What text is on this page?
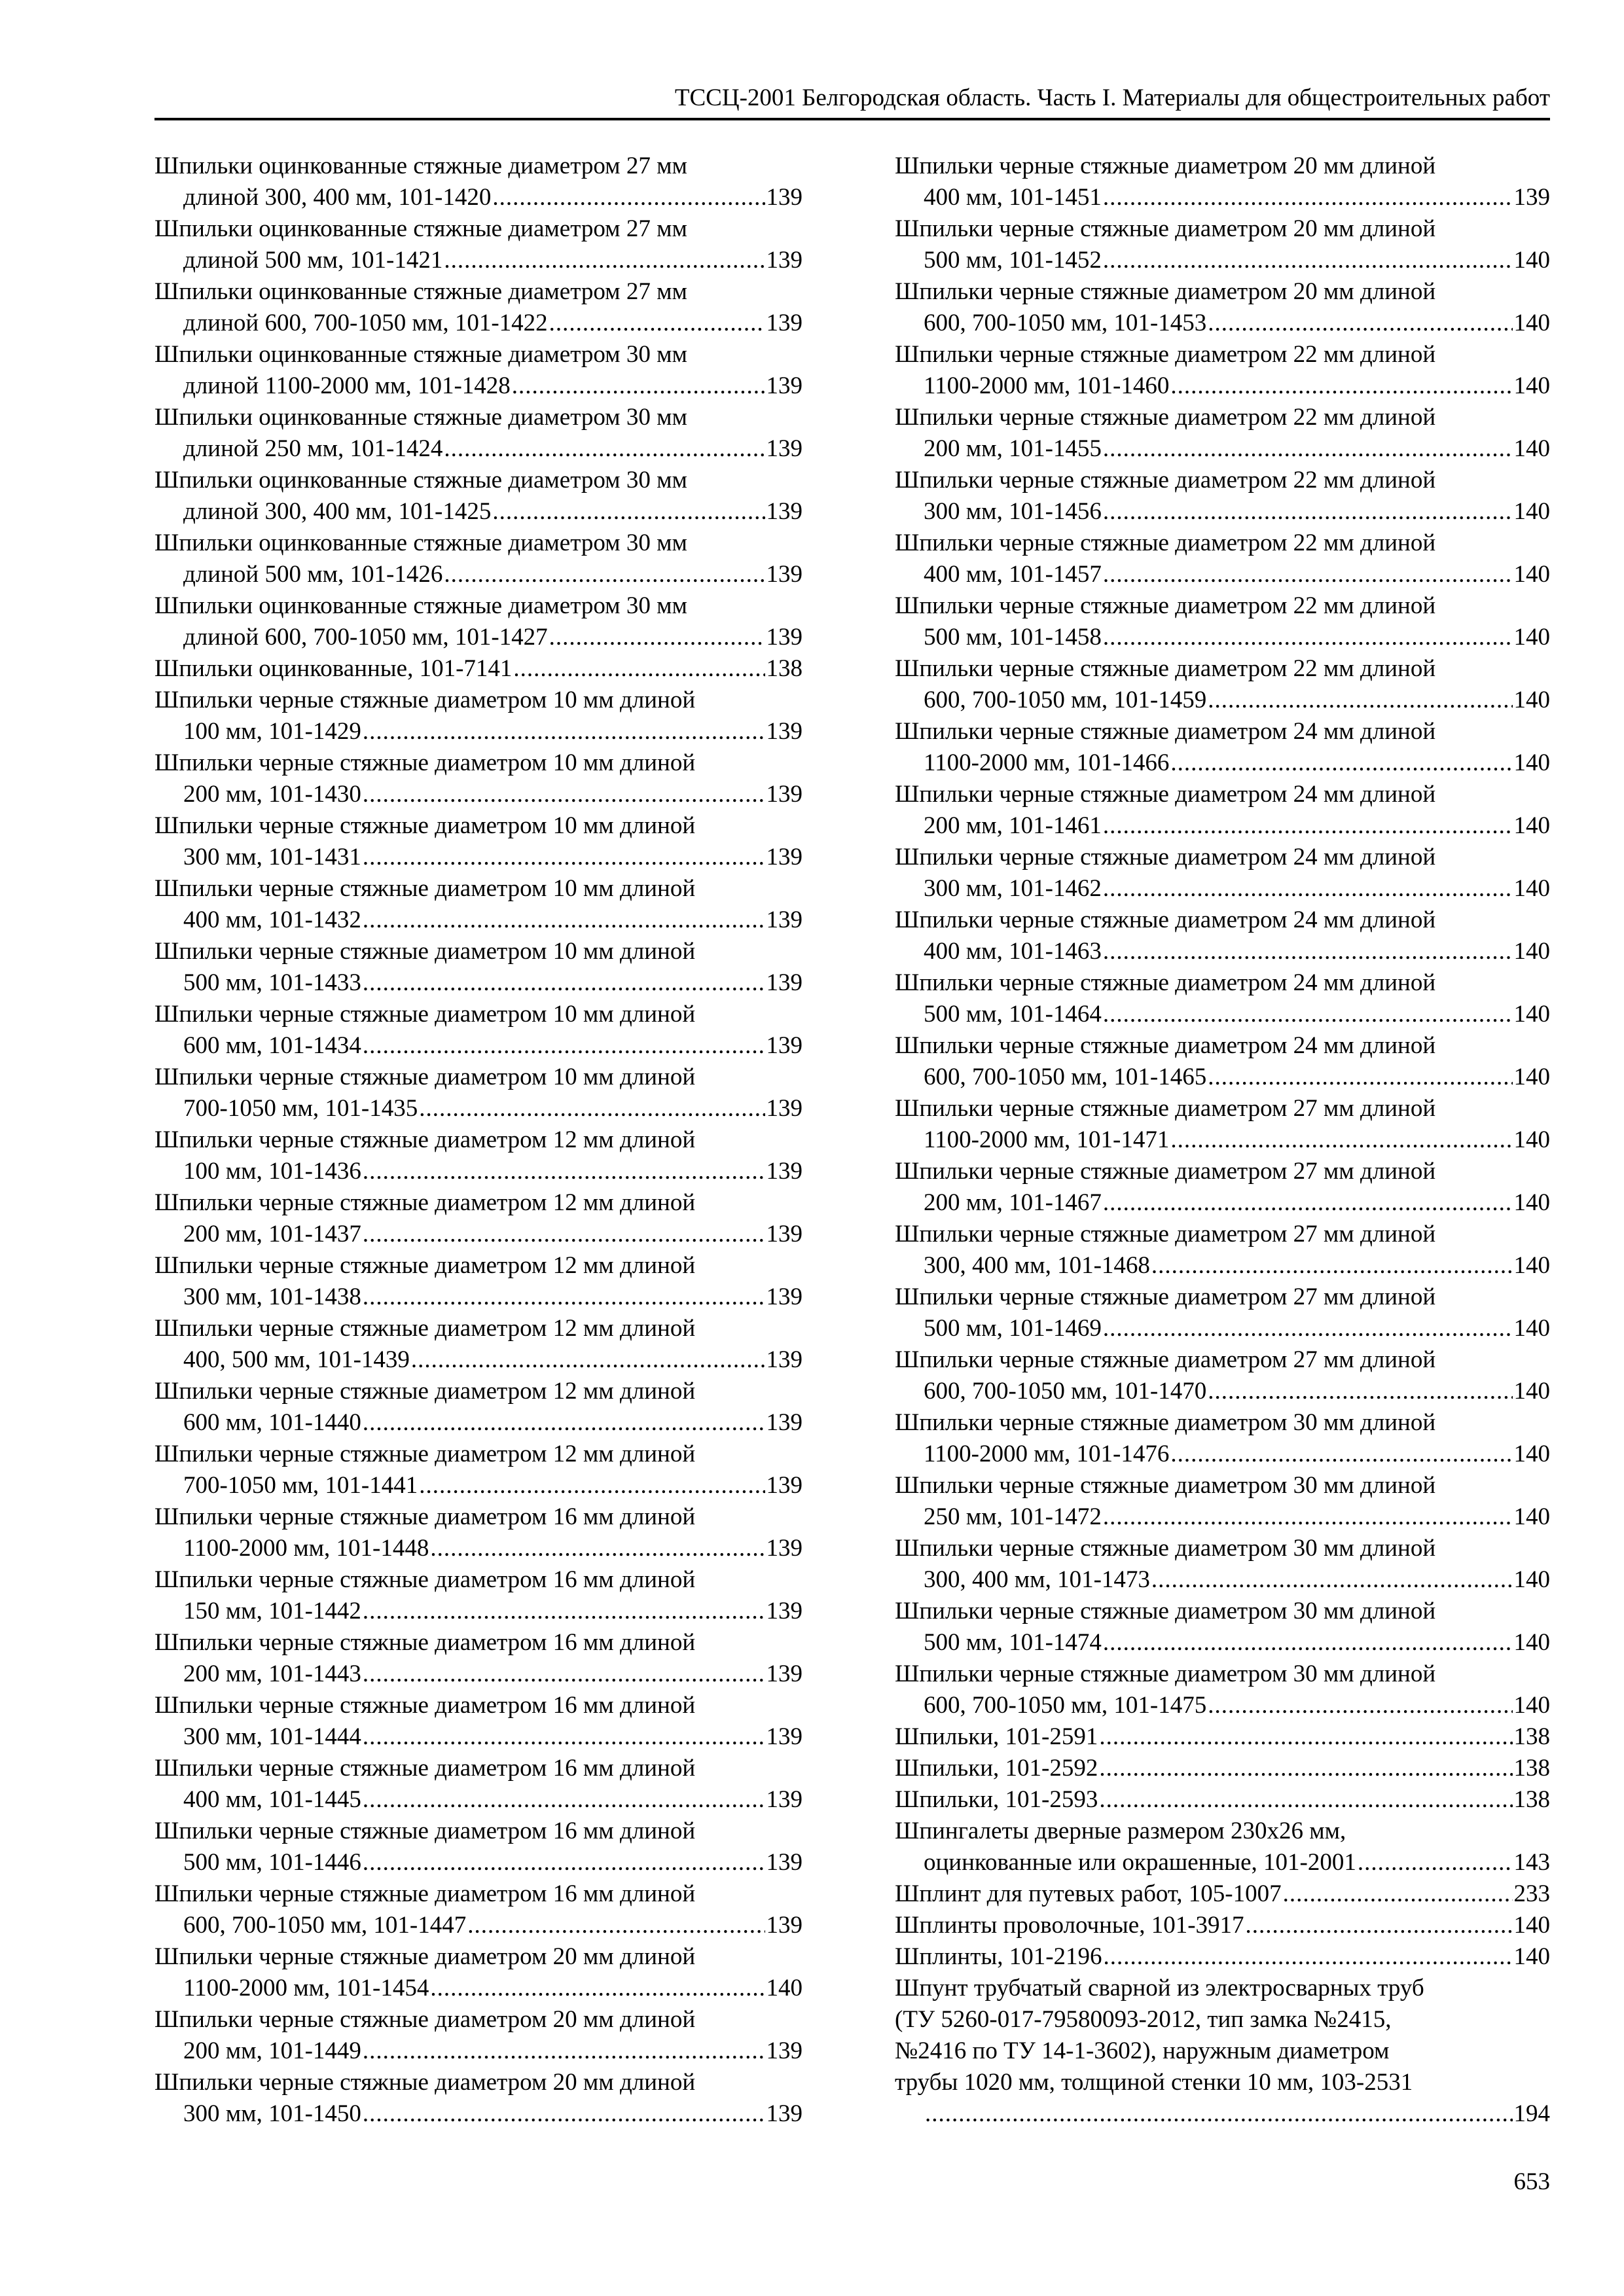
ТССЦ-2001 Белгородская область. Часть I. Материалы для общестроительных работ
Шпильки оцинкованные стяжные диаметром 27 мм
длиной 300, 400 мм, 101-1420 .....	139
Шпильки оцинкованные стяжные диаметром 27 мм
длиной 500 мм, 101-1421 .....	139
Шпильки оцинкованные стяжные диаметром 27 мм
длиной 600, 700-1050 мм, 101-1422 .....	139
Шпильки оцинкованные стяжные диаметром 30 мм
длиной 1100-2000 мм, 101-1428 .....	139
Шпильки оцинкованные стяжные диаметром 30 мм
длиной 250 мм, 101-1424 .....	139
Шпильки оцинкованные стяжные диаметром 30 мм
длиной 300, 400 мм, 101-1425 .....	139
Шпильки оцинкованные стяжные диаметром 30 мм
длиной 500 мм, 101-1426 .....	139
Шпильки оцинкованные стяжные диаметром 30 мм
длиной 600, 700-1050 мм, 101-1427 .....	139
Шпильки оцинкованные, 101-7141 .....	138
Шпильки черные стяжные диаметром 10 мм длиной
100 мм, 101-1429 .....	139
Шпильки черные стяжные диаметром 10 мм длиной
200 мм, 101-1430 .....	139
Шпильки черные стяжные диаметром 10 мм длиной
300 мм, 101-1431 .....	139
Шпильки черные стяжные диаметром 10 мм длиной
400 мм, 101-1432 .....	139
Шпильки черные стяжные диаметром 10 мм длиной
500 мм, 101-1433 .....	139
Шпильки черные стяжные диаметром 10 мм длиной
600 мм, 101-1434 .....	139
Шпильки черные стяжные диаметром 10 мм длиной
700-1050 мм, 101-1435 .....	139
Шпильки черные стяжные диаметром 12 мм длиной
100 мм, 101-1436 .....	139
Шпильки черные стяжные диаметром 12 мм длиной
200 мм, 101-1437 .....	139
Шпильки черные стяжные диаметром 12 мм длиной
300 мм, 101-1438 .....	139
Шпильки черные стяжные диаметром 12 мм длиной
400, 500 мм, 101-1439 .....	139
Шпильки черные стяжные диаметром 12 мм длиной
600 мм, 101-1440 .....	139
Шпильки черные стяжные диаметром 12 мм длиной
700-1050 мм, 101-1441 .....	139
Шпильки черные стяжные диаметром 16 мм длиной
1100-2000 мм, 101-1448 .....	139
Шпильки черные стяжные диаметром 16 мм длиной
150 мм, 101-1442 .....	139
Шпильки черные стяжные диаметром 16 мм длиной
200 мм, 101-1443 .....	139
Шпильки черные стяжные диаметром 16 мм длиной
300 мм, 101-1444 .....	139
Шпильки черные стяжные диаметром 16 мм длиной
400 мм, 101-1445 .....	139
Шпильки черные стяжные диаметром 16 мм длиной
500 мм, 101-1446 .....	139
Шпильки черные стяжные диаметром 16 мм длиной
600, 700-1050 мм, 101-1447 .....	139
Шпильки черные стяжные диаметром 20 мм длиной
1100-2000 мм, 101-1454 .....	140
Шпильки черные стяжные диаметром 20 мм длиной
200 мм, 101-1449 .....	139
Шпильки черные стяжные диаметром 20 мм длиной
300 мм, 101-1450 .....	139
Шпильки черные стяжные диаметром 20 мм длиной
400 мм, 101-1451 .....	139
Шпильки черные стяжные диаметром 20 мм длиной
500 мм, 101-1452 .....	140
Шпильки черные стяжные диаметром 20 мм длиной
600, 700-1050 мм, 101-1453 .....	140
Шпильки черные стяжные диаметром 22 мм длиной
1100-2000 мм, 101-1460 .....	140
Шпильки черные стяжные диаметром 22 мм длиной
200 мм, 101-1455 .....	140
Шпильки черные стяжные диаметром 22 мм длиной
300 мм, 101-1456 .....	140
Шпильки черные стяжные диаметром 22 мм длиной
400 мм, 101-1457 .....	140
Шпильки черные стяжные диаметром 22 мм длиной
500 мм, 101-1458 .....	140
Шпильки черные стяжные диаметром 22 мм длиной
600, 700-1050 мм, 101-1459 .....	140
Шпильки черные стяжные диаметром 24 мм длиной
1100-2000 мм, 101-1466 .....	140
Шпильки черные стяжные диаметром 24 мм длиной
200 мм, 101-1461 .....	140
Шпильки черные стяжные диаметром 24 мм длиной
300 мм, 101-1462 .....	140
Шпильки черные стяжные диаметром 24 мм длиной
400 мм, 101-1463 .....	140
Шпильки черные стяжные диаметром 24 мм длиной
500 мм, 101-1464 .....	140
Шпильки черные стяжные диаметром 24 мм длиной
600, 700-1050 мм, 101-1465 .....	140
Шпильки черные стяжные диаметром 27 мм длиной
1100-2000 мм, 101-1471 .....	140
Шпильки черные стяжные диаметром 27 мм длиной
200 мм, 101-1467 .....	140
Шпильки черные стяжные диаметром 27 мм длиной
300, 400 мм, 101-1468 .....	140
Шпильки черные стяжные диаметром 27 мм длиной
500 мм, 101-1469 .....	140
Шпильки черные стяжные диаметром 27 мм длиной
600, 700-1050 мм, 101-1470 .....	140
Шпильки черные стяжные диаметром 30 мм длиной
1100-2000 мм, 101-1476 .....	140
Шпильки черные стяжные диаметром 30 мм длиной
250 мм, 101-1472 .....	140
Шпильки черные стяжные диаметром 30 мм длиной
300, 400 мм, 101-1473 .....	140
Шпильки черные стяжные диаметром 30 мм длиной
500 мм, 101-1474 .....	140
Шпильки черные стяжные диаметром 30 мм длиной
600, 700-1050 мм, 101-1475 .....	140
Шпильки, 101-2591 .....	138
Шпильки, 101-2592 .....	138
Шпильки, 101-2593 .....	138
Шпингалеты дверные размером 230х26 мм,
оцинкованные или окрашенные, 101-2001 .....	143
Шплинт для путевых работ, 105-1007 .....	233
Шплинты проволочные, 101-3917 .....	140
Шплинты, 101-2196 .....	140
Шпунт трубчатый сварной из электросварных труб
(ТУ 5260-017-79580093-2012, тип замка №2415,
№2416 по ТУ 14-1-3602), наружным диаметром
трубы 1020 мм, толщиной стенки 10 мм, 103-2531
.....
194
653
